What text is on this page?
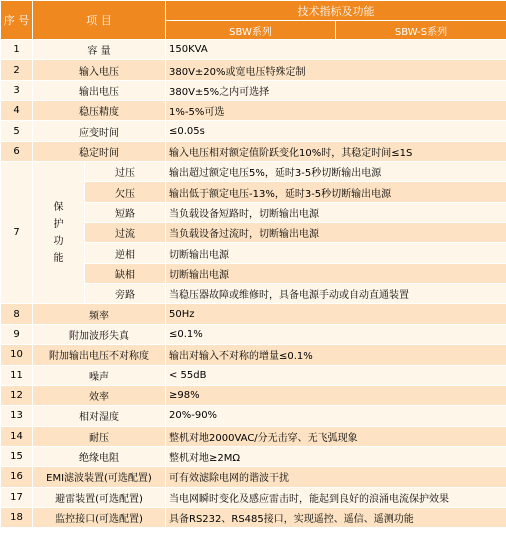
序 号	项 目		技术指标及功能	
			SBW系列	SBW-S系列
1	容 量		150KVA	
2	输入电压		380V±20%或宽电压特殊定制	
3	输出电压		380V±5%之内可选择	
4	稳压精度		1%-5%可选	
5	应变时间		≤0.05s	
6	稳定时间		输入电压相对额定值阶跃变化10%时，其稳定时间≤1S	
7	保护功能	过压	输出超过额定电压5%，延时3-5秒切断输出电源	
		欠压	输出低于额定电压-13%，延时3-5秒切断输出电源	
		短路	当负载设备短路时，切断输出电源	
		过流	当负载设备过流时，切断输出电源	
		逆相	切断输出电源	
		缺相	切断输出电源	
		旁路	当稳压器故障或维修时，具备电源手动或自动直通装置	
8	频率		50Hz	
9	附加波形失真		≤0.1%	
10	附加输出电压不对称度		输出对输入不对称的增量≤0.1%	
11	噪声		< 55dB	
12	效率		≥98%	
13	相对湿度		20%-90%	
14	耐压		整机对地2000VAC/分无击穿、无飞弧现象	
15	绝缘电阻		整机对地≥2MΩ	
16	EMI滤波装置(可选配置)		可有效滤除电网的谐波干扰	
17	避雷装置(可选配置)		当电网瞬时变化及感应雷击时，能起到良好的浪涌电流保护效果	
18	监控接口(可选配置)		具备RS232、RS485接口，实现遥控、遥信、遥测功能	
